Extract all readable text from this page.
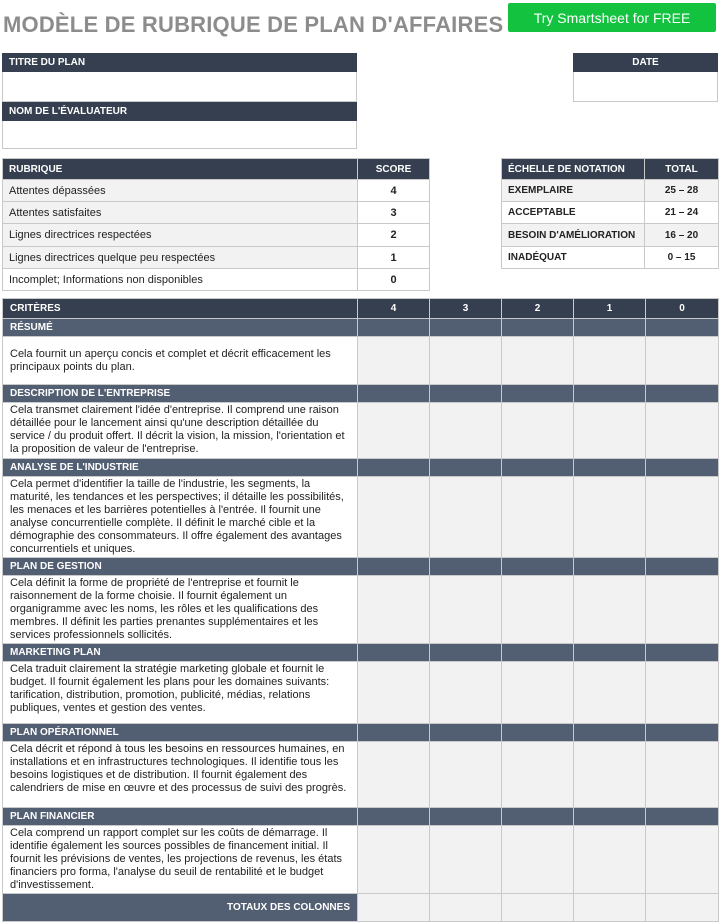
MODÈLE DE RUBRIQUE DE PLAN D'AFFAIRES	Try Smartsheet for FREE
TITRE DU PLAN
NOM DE L'ÉVALUATEUR
DATE
RUBRIQUE	SCORE
Attentes dépassées	4
Attentes satisfaites	3
Lignes directrices respectées	2
Lignes directrices quelque peu respectées	1
Incomplet; Informations non disponibles	0
ÉCHELLE DE NOTATION	TOTAL
EXEMPLAIRE	25 – 28
ACCEPTABLE	21 – 24
BESOIN D'AMÉLIORATION	16 – 20
INADÉQUAT	0 – 15
CRITÈRES	4	3	2	1	0
RÉSUMÉ					
Cela fournit un aperçu concis et complet et décrit efficacement les principaux points du plan.					
DESCRIPTION DE L'ENTREPRISE					
Cela transmet clairement l'idée d'entreprise. Il comprend une raison détaillée pour le lancement ainsi qu'une description détaillée du service / du produit offert. Il décrit la vision, la mission, l'orientation et la proposition de valeur de l'entreprise.					
ANALYSE DE L'INDUSTRIE					
Cela permet d'identifier la taille de l'industrie, les segments, la maturité, les tendances et les perspectives; il détaille les possibilités, les menaces et les barrières potentielles à l'entrée. Il fournit une analyse concurrentielle complète. Il définit le marché cible et la démographie des consommateurs. Il offre également des avantages concurrentiels et uniques.					
PLAN DE GESTION					
Cela définit la forme de propriété de l'entreprise et fournit le raisonnement de la forme choisie. Il fournit également un organigramme avec les noms, les rôles et les qualifications des membres. Il définit les parties prenantes supplémentaires et les services professionnels sollicités.					
MARKETING PLAN					
Cela traduit clairement la stratégie marketing globale et fournit le budget. Il fournit également les plans pour les domaines suivants: tarification, distribution, promotion, publicité, médias, relations publiques, ventes et gestion des ventes.					
PLAN OPÉRATIONNEL					
Cela décrit et répond à tous les besoins en ressources humaines, en installations et en infrastructures technologiques. Il identifie tous les besoins logistiques et de distribution. Il fournit également des calendriers de mise en œuvre et des processus de suivi des progrès.					
PLAN FINANCIER					
Cela comprend un rapport complet sur les coûts de démarrage. Il identifie également les sources possibles de financement initial. Il fournit les prévisions de ventes, les projections de revenus, les états financiers pro forma, l'analyse du seuil de rentabilité et le budget d'investissement.					
TOTAUX DES COLONNES					
